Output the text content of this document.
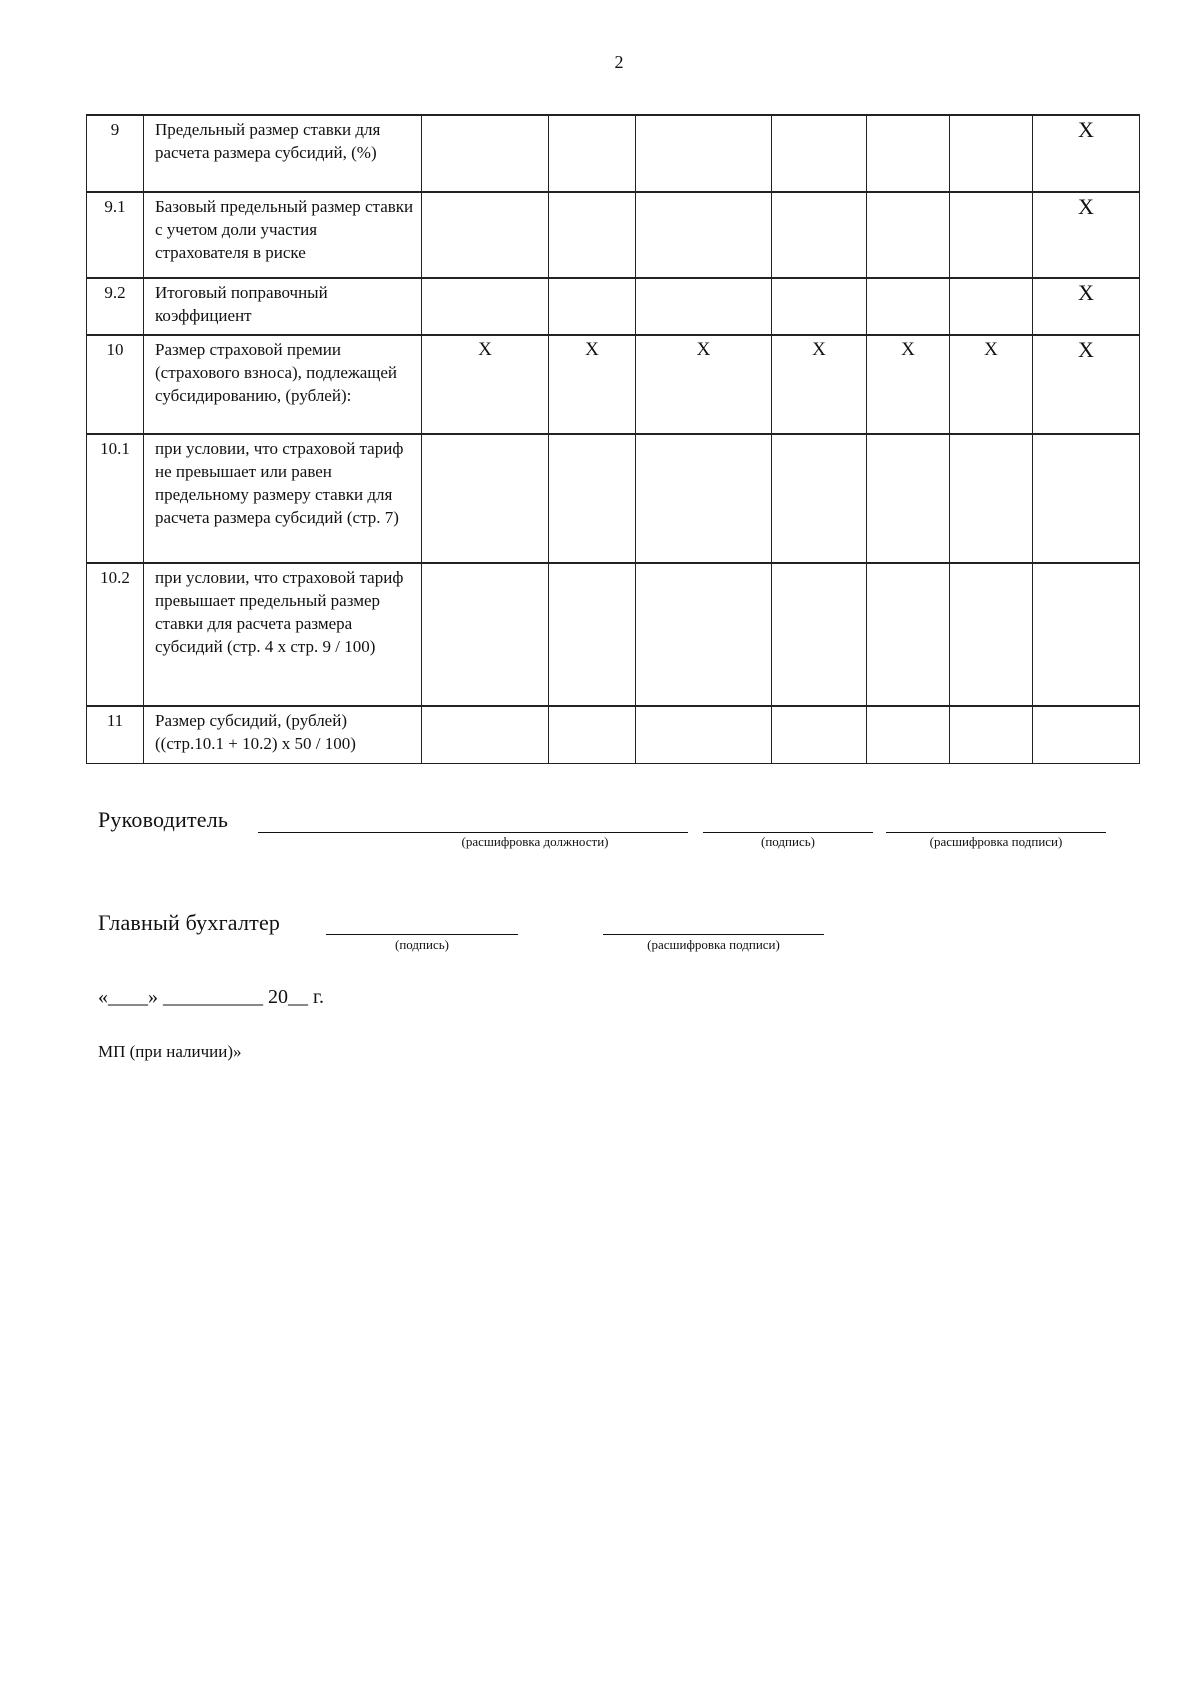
2
9	Предельный размер ставки для расчета размера субсидий, (%)							X
9.1	Базовый предельный размер ставки с учетом доли участия страхователя в риске							X
9.2	Итоговый поправочный коэффициент							X
10	Размер страховой премии (страхового взноса), подлежащей субсидированию, (рублей):	X	X	X	X	X	X	X
10.1	при условии, что страховой тариф не превышает или равен предельному размеру ставки для расчета размера субсидий (стр. 7)							
10.2	при условии, что страховой тариф превышает предельный размер ставки для расчета размера субсидий (стр. 4 х стр. 9 / 100)							
11	Размер субсидий, (рублей) ((стр.10.1 + 10.2) х 50 / 100)							
Руководитель
(расшифровка должности)	(подпись)	(расшифровка подписи)
Главный бухгалтер
(подпись)	(расшифровка подписи)
«____» __________ 20__ г.
МП (при наличии)»
